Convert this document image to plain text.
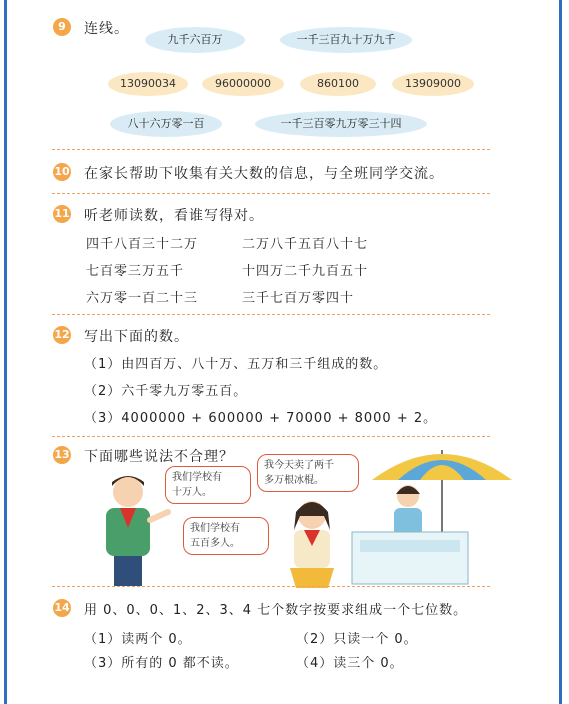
9	连线。
九千六百万	一千三百九十万九千
13090034	96000000	860100	13909000
八十六万零一百	一千三百零九万零三十四
10 在家长帮助下收集有关大数的信息，与全班同学交流。
11 听老师读数，看谁写得对。
四千八百三十二万	二万八千五百八十七
七百零三万五千	十四万二千九百五十
六万零一百二十三	三千七百万零四十
12 写出下面的数。
（1）由四百万、八十万、五万和三千组成的数。
（2）六千零九万零五百。
（3）4000000 + 600000 + 70000 + 8000 + 2。
13 下面哪些说法不合理？
我们学校有
十万人。
我今天卖了两千
多万根冰棍。
我们学校有
五百多人。
14 用 0、0、0、1、2、3、4 七个数字按要求组成一个七位数。
（1）读两个 0。	（2）只读一个 0。
（3）所有的 0 都不读。	（4）读三个 0。
